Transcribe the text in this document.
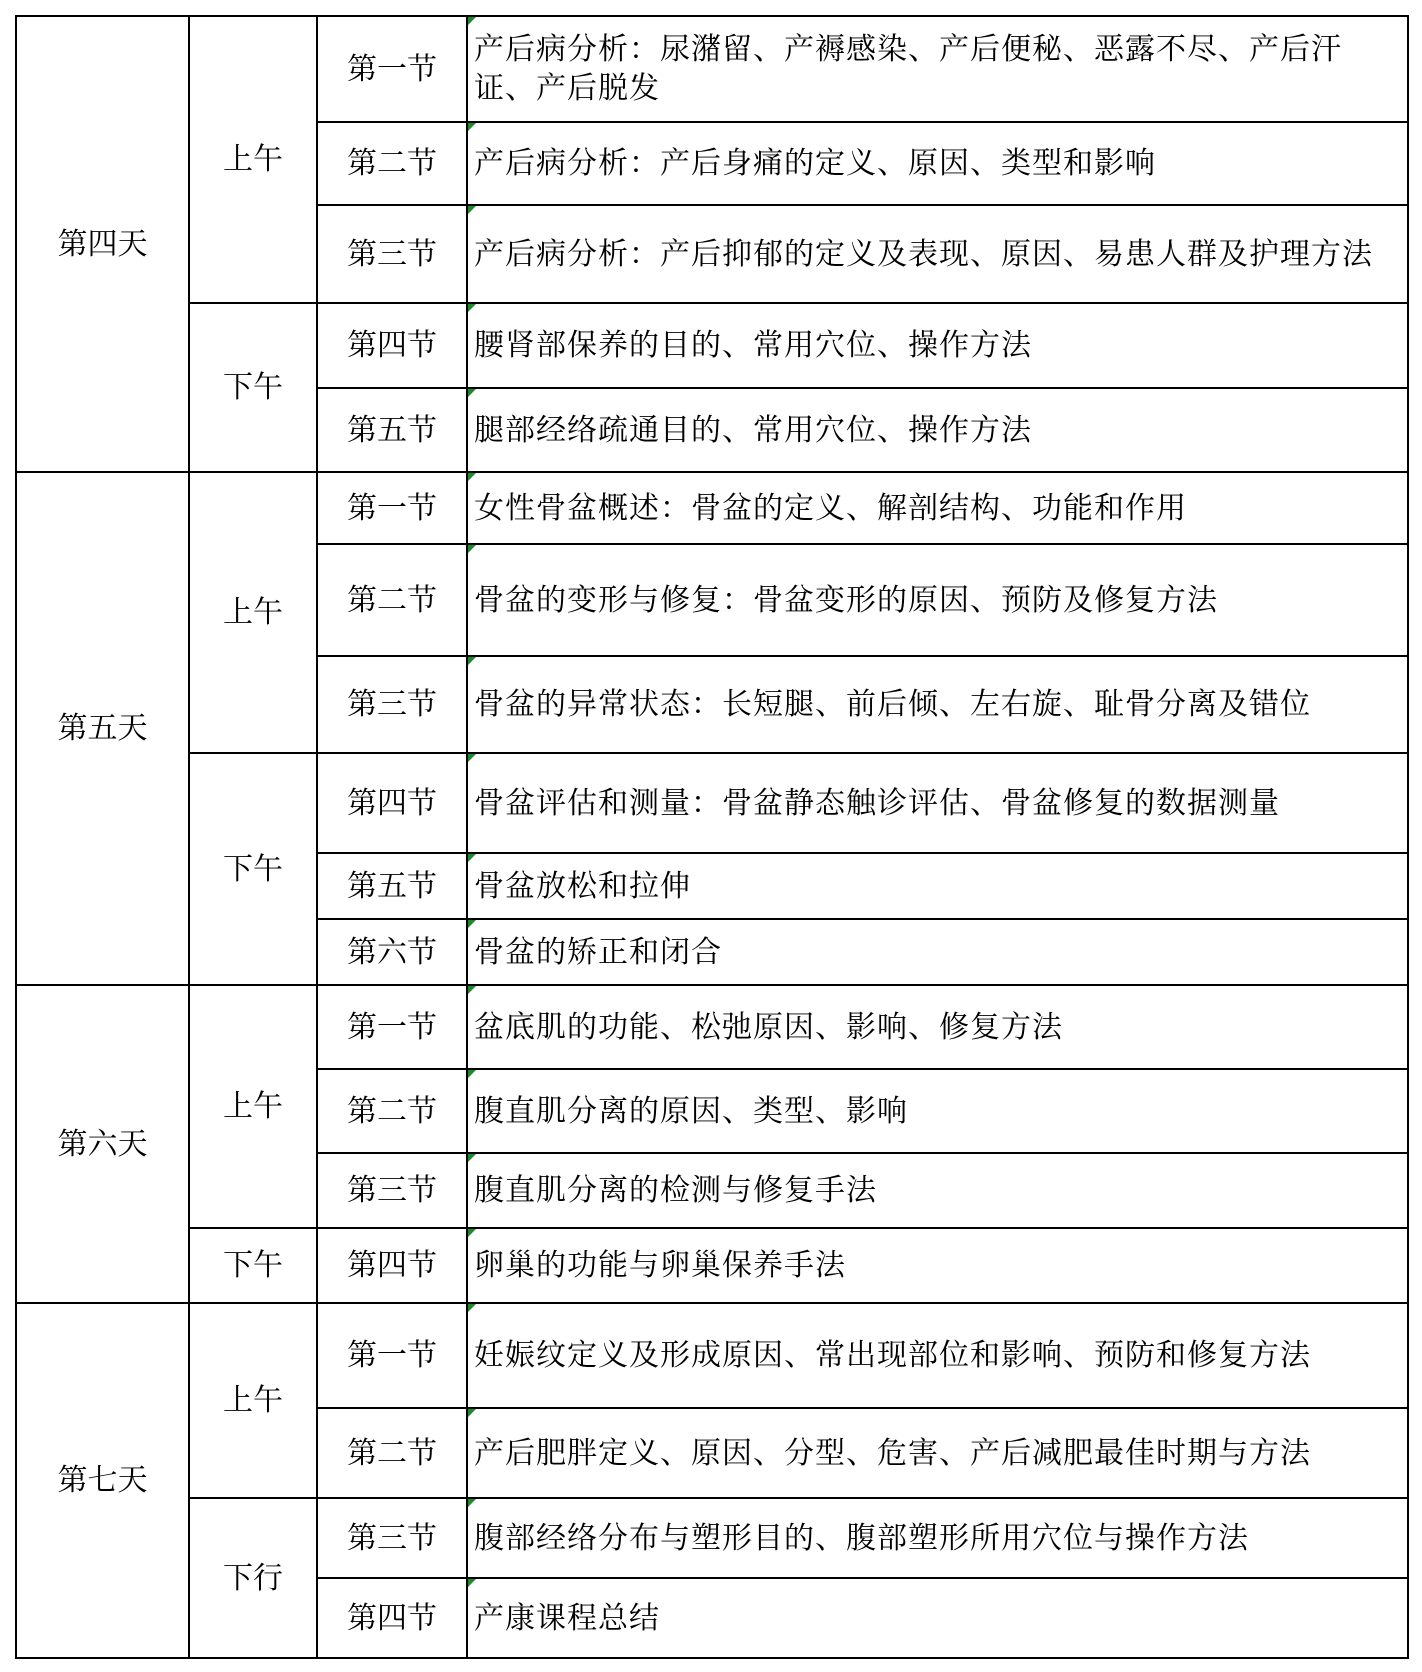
第四天	上午	第一节	产后病分析：尿潴留、产褥感染、产后便秘、恶露不尽、产后汗证、产后脱发
		第二节	产后病分析：产后身痛的定义、原因、类型和影响
		第三节	产后病分析：产后抑郁的定义及表现、原因、易患人群及护理方法
	下午	第四节	腰肾部保养的目的、常用穴位、操作方法
		第五节	腿部经络疏通目的、常用穴位、操作方法
第五天	上午	第一节	女性骨盆概述：骨盆的定义、解剖结构、功能和作用
		第二节	骨盆的变形与修复：骨盆变形的原因、预防及修复方法
		第三节	骨盆的异常状态：长短腿、前后倾、左右旋、耻骨分离及错位
	下午	第四节	骨盆评估和测量：骨盆静态触诊评估、骨盆修复的数据测量
		第五节	骨盆放松和拉伸
		第六节	骨盆的矫正和闭合
第六天	上午	第一节	盆底肌的功能、松弛原因、影响、修复方法
		第二节	腹直肌分离的原因、类型、影响
		第三节	腹直肌分离的检测与修复手法
	下午	第四节	卵巢的功能与卵巢保养手法
第七天	上午	第一节	妊娠纹定义及形成原因、常出现部位和影响、预防和修复方法
		第二节	产后肥胖定义、原因、分型、危害、产后减肥最佳时期与方法
	下行	第三节	腹部经络分布与塑形目的、腹部塑形所用穴位与操作方法
		第四节	产康课程总结
